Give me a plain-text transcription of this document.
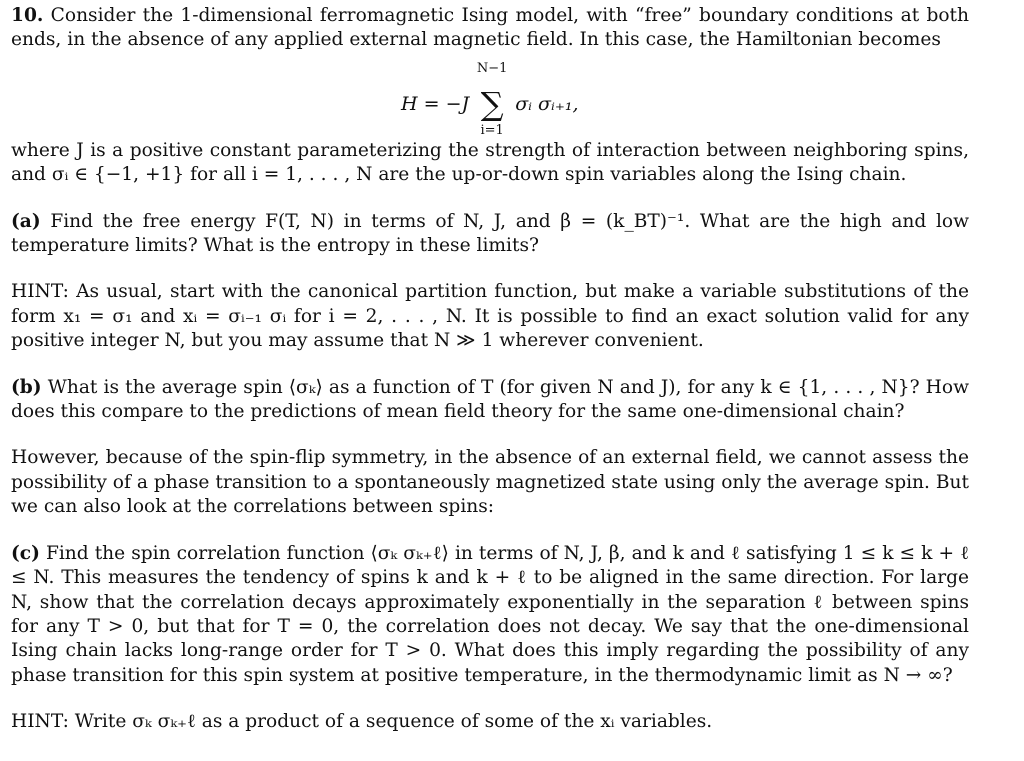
10. Consider the 1-dimensional ferromagnetic Ising model, with “free” boundary conditions at both ends, in the absence of any applied external magnetic field. In this case, the Hamiltonian becomes

H = −J
N−1
∑
i=1
σᵢ σᵢ₊₁,

where J is a positive constant parameterizing the strength of interaction between neighboring spins, and σᵢ ∈ {−1, +1} for all i = 1, . . . , N are the up-or-down spin variables along the Ising chain.

(a) Find the free energy F(T, N) in terms of N, J, and β = (k_BT)⁻¹. What are the high and low temperature limits? What is the entropy in these limits?

HINT: As usual, start with the canonical partition function, but make a variable substitutions of the form x₁ = σ₁ and xᵢ = σᵢ₋₁ σᵢ for i = 2, . . . , N. It is possible to find an exact solution valid for any positive integer N, but you may assume that N ≫ 1 wherever convenient.

(b) What is the average spin ⟨σₖ⟩ as a function of T (for given N and J), for any k ∈ {1, . . . , N}? How does this compare to the predictions of mean field theory for the same one-dimensional chain?

However, because of the spin-flip symmetry, in the absence of an external field, we cannot assess the possibility of a phase transition to a spontaneously magnetized state using only the average spin. But we can also look at the correlations between spins:

(c) Find the spin correlation function ⟨σₖ σₖ₊ℓ⟩ in terms of N, J, β, and k and ℓ satisfying 1 ≤ k ≤ k + ℓ ≤ N. This measures the tendency of spins k and k + ℓ to be aligned in the same direction. For large N, show that the correlation decays approximately exponentially in the separation ℓ between spins for any T > 0, but that for T = 0, the correlation does not decay. We say that the one-dimensional Ising chain lacks long-range order for T > 0. What does this imply regarding the possibility of any phase transition for this spin system at positive temperature, in the thermodynamic limit as N → ∞?

HINT: Write σₖ σₖ₊ℓ as a product of a sequence of some of the xᵢ variables.
